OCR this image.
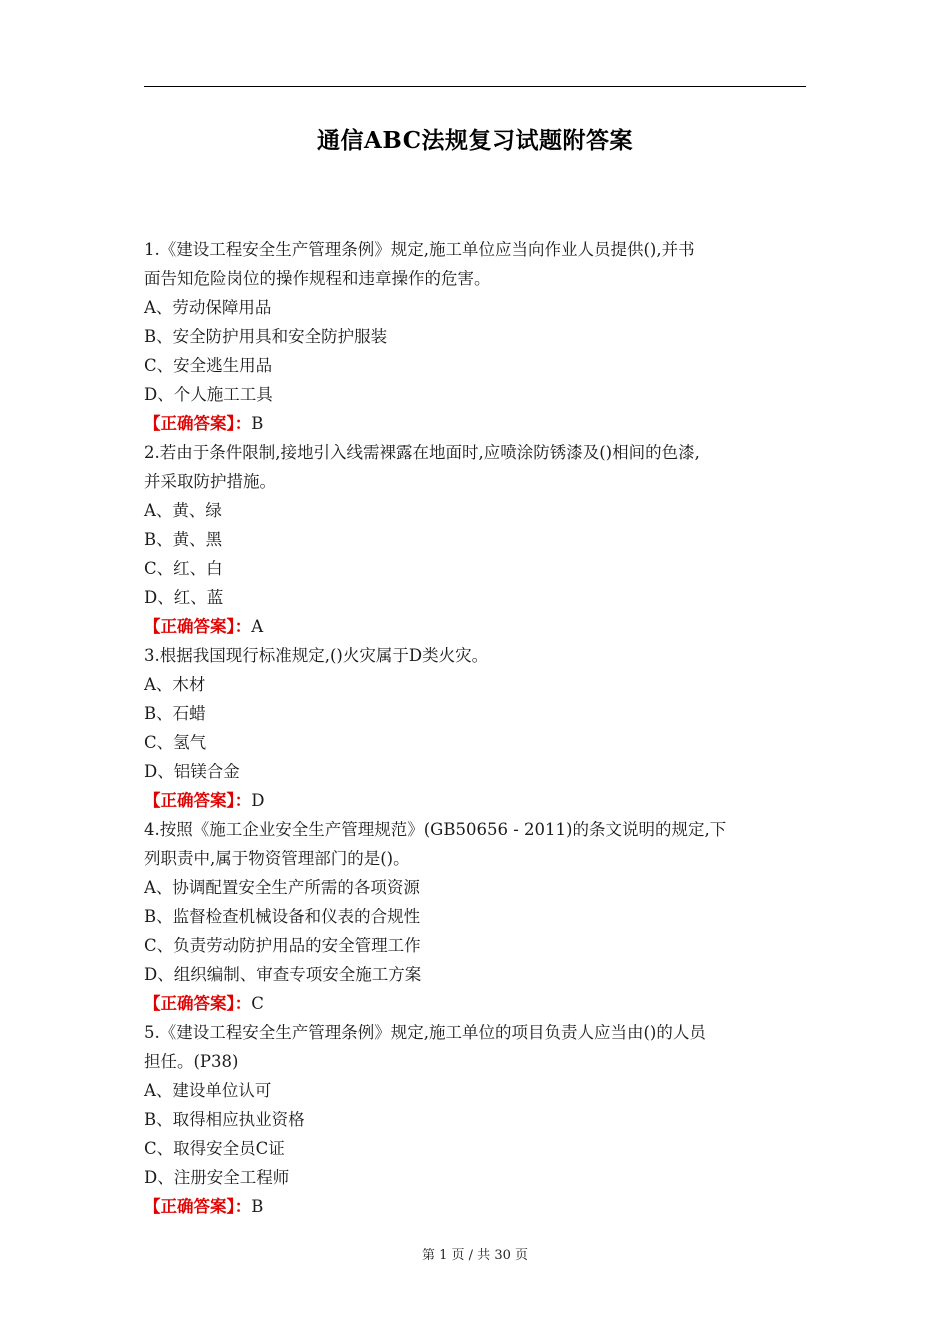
通信ABC法规复习试题附答案
1.《建设工程安全生产管理条例》规定,施工单位应当向作业人员提供(),并书
面告知危险岗位的操作规程和违章操作的危害。
A、劳动保障用品
B、安全防护用具和安全防护服装
C、安全逃生用品
D、个人施工工具
【正确答案】：B
2.若由于条件限制,接地引入线需裸露在地面时,应喷涂防锈漆及()相间的色漆,
并采取防护措施。
A、黄、绿
B、黄、黑
C、红、白
D、红、蓝
【正确答案】：A
3.根据我国现行标准规定,()火灾属于D类火灾。
A、木材
B、石蜡
C、氢气
D、铝镁合金
【正确答案】：D
4.按照《施工企业安全生产管理规范》(GB50656 - 2011)的条文说明的规定,下
列职责中,属于物资管理部门的是()。
A、协调配置安全生产所需的各项资源
B、监督检查机械设备和仪表的合规性
C、负责劳动防护用品的安全管理工作
D、组织编制、审查专项安全施工方案
【正确答案】：C
5.《建设工程安全生产管理条例》规定,施工单位的项目负责人应当由()的人员
担任。(P38)
A、建设单位认可
B、取得相应执业资格
C、取得安全员C证
D、注册安全工程师
【正确答案】：B
第 1 页 / 共 30 页
